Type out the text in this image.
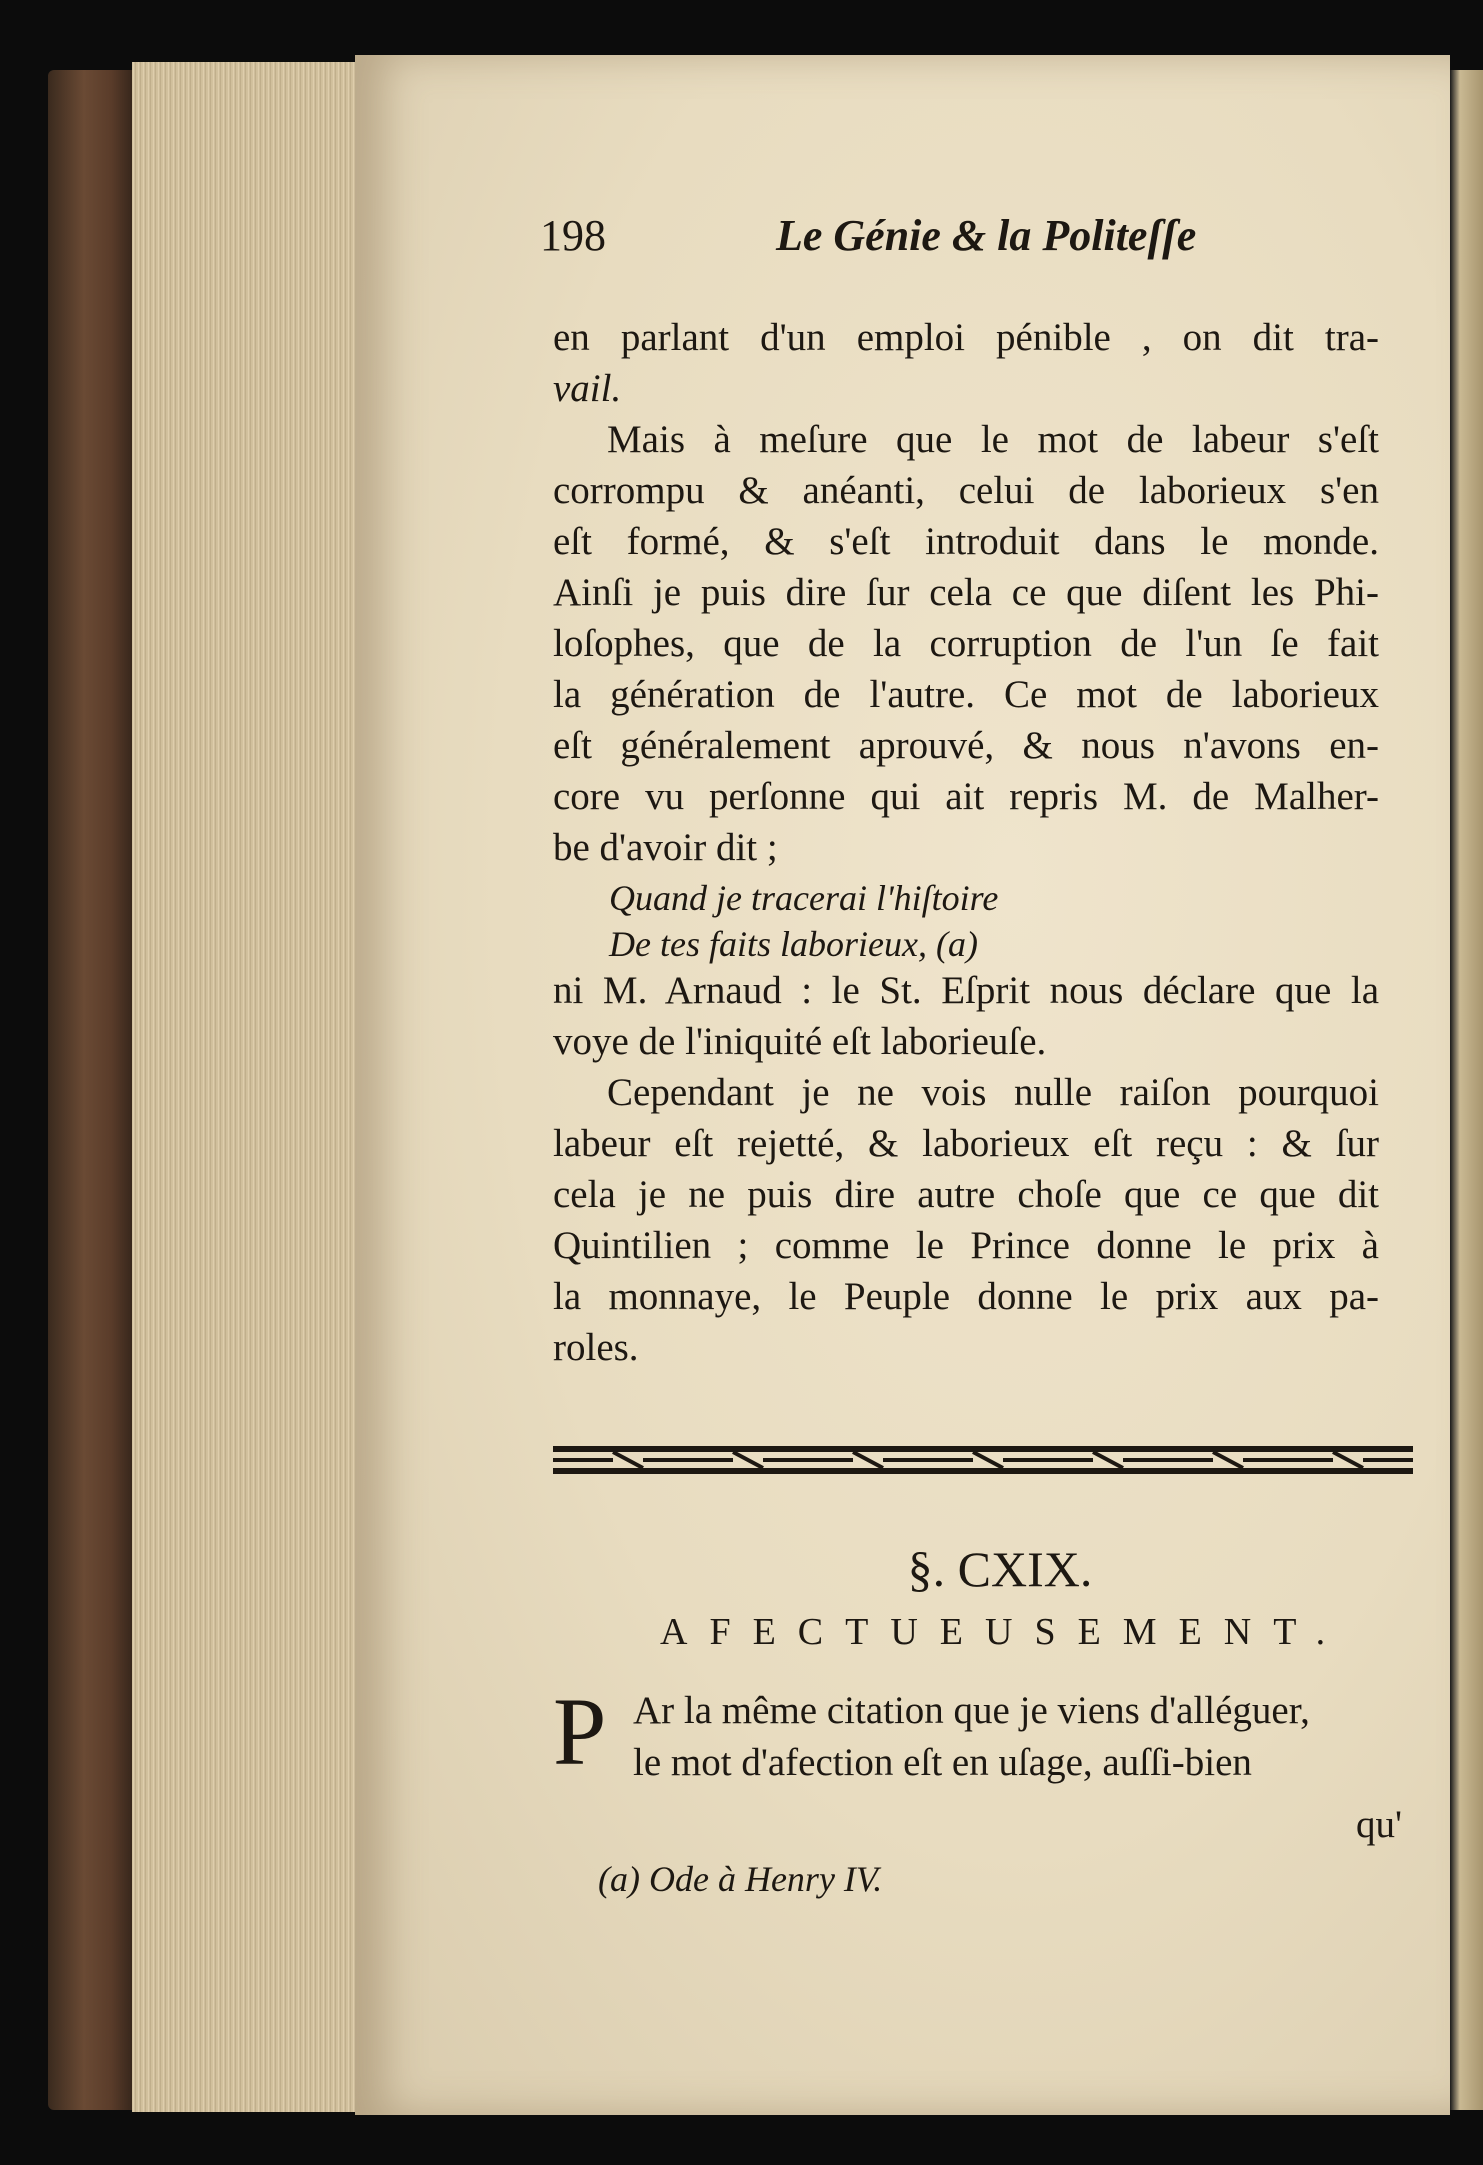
198	Le Génie & la Politeſſe
en parlant d'un emploi pénible , on dit tra-
vail.
Mais à meſure que le mot de labeur s'eſt
corrompu & anéanti, celui de laborieux s'en
eſt formé, & s'eſt introduit dans le monde.
Ainſi je puis dire ſur cela ce que diſent les Phi-
loſophes, que de la corruption de l'un ſe fait
la génération de l'autre. Ce mot de laborieux
eſt généralement aprouvé, & nous n'avons en-
core vu perſonne qui ait repris M. de Malher-
be d'avoir dit ;
Quand je tracerai l'hiſtoire
De tes faits laborieux, (a)
ni M. Arnaud : le St. Eſprit nous déclare que la
voye de l'iniquité eſt laborieuſe.
Cependant je ne vois nulle raiſon pourquoi
labeur eſt rejetté, & laborieux eſt reçu : & ſur
cela je ne puis dire autre choſe que ce que dit
Quintilien ; comme le Prince donne le prix à
la monnaye, le Peuple donne le prix aux pa-
roles.
§. CXIX.
AFECTUEUSEMENT.
P Ar la même citation que je viens d'alléguer,
le mot d'afection eſt en uſage, auſſi-bien
qu'
(a) Ode à Henry IV.
